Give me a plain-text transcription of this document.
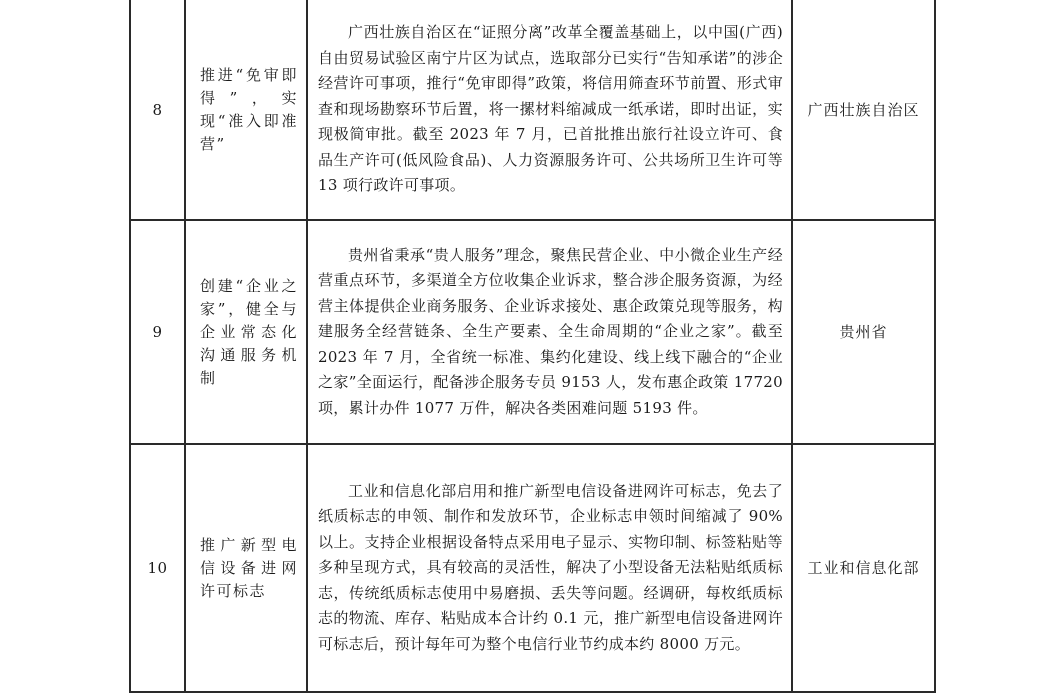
8	推进“免审即得”，实现“准入即准营”	广西壮族自治区在“证照分离”改革全覆盖基础上，以中国(广西)自由贸易试验区南宁片区为试点，选取部分已实行“告知承诺”的涉企经营许可事项，推行“免审即得”政策，将信用筛查环节前置、形式审查和现场勘察环节后置，将一摞材料缩减成一纸承诺，即时出证，实现极简审批。截至 2023 年 7 月，已首批推出旅行社设立许可、食品生产许可(低风险食品)、人力资源服务许可、公共场所卫生许可等 13 项行政许可事项。	广西壮族自治区
9	创建“企业之家”，健全与企业常态化沟通服务机制	贵州省秉承“贵人服务”理念，聚焦民营企业、中小微企业生产经营重点环节，多渠道全方位收集企业诉求，整合涉企服务资源，为经营主体提供企业商务服务、企业诉求接处、惠企政策兑现等服务，构建服务全经营链条、全生产要素、全生命周期的“企业之家”。截至 2023 年 7 月，全省统一标准、集约化建设、线上线下融合的“企业之家”全面运行，配备涉企服务专员 9153 人，发布惠企政策 17720 项，累计办件 1077 万件，解决各类困难问题 5193 件。	贵州省
10	推广新型电信设备进网许可标志	工业和信息化部启用和推广新型电信设备进网许可标志，免去了纸质标志的申领、制作和发放环节，企业标志申领时间缩减了 90%以上。支持企业根据设备特点采用电子显示、实物印制、标签粘贴等多种呈现方式，具有较高的灵活性，解决了小型设备无法粘贴纸质标志，传统纸质标志使用中易磨损、丢失等问题。经调研，每枚纸质标志的物流、库存、粘贴成本合计约 0.1 元，推广新型电信设备进网许可标志后，预计每年可为整个电信行业节约成本约 8000 万元。	工业和信息化部
